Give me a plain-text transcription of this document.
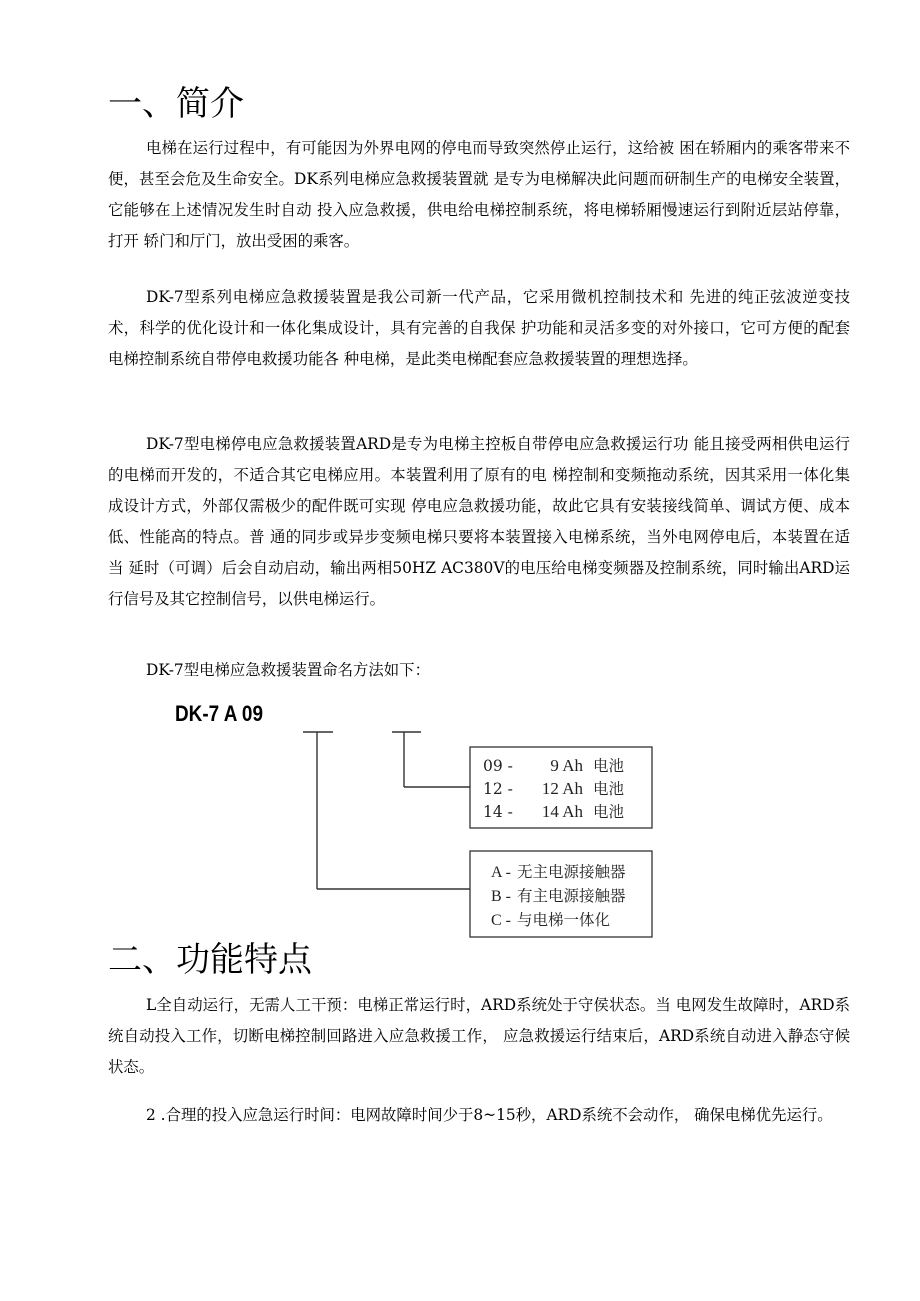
一、简介

电梯在运行过程中，有可能因为外界电网的停电而导致突然停止运行，这给被 困在轿厢内的乘客带来不便，甚至会危及生命安全。DK系列电梯应急救援装置就 是专为电梯解决此问题而研制生产的电梯安全装置，它能够在上述情况发生时自动 投入应急救援，供电给电梯控制系统，将电梯轿厢慢速运行到附近层站停靠，打开 轿门和厅门，放出受困的乘客。

DK-7型系列电梯应急救援装置是我公司新一代产品，它采用微机控制技术和 先进的纯正弦波逆变技术，科学的优化设计和一体化集成设计，具有完善的自我保 护功能和灵活多变的对外接口，它可方便的配套电梯控制系统自带停电救援功能各 种电梯，是此类电梯配套应急救援装置的理想选择。

DK-7型电梯停电应急救援装置ARD是专为电梯主控板自带停电应急救援运行功 能且接受两相供电运行的电梯而开发的，不适合其它电梯应用。本装置利用了原有的电 梯控制和变频拖动系统，因其采用一体化集成设计方式，外部仅需极少的配件既可实现 停电应急救援功能，故此它具有安装接线简单、调试方便、成本低、性能高的特点。普 通的同步或异步变频电梯只要将本装置接入电梯系统，当外电网停电后，本装置在适当 延时（可调）后会自动启动，输出两相50HZ AC380V的电压给电梯变频器及控制系统，同时输出ARD运行信号及其它控制信号，以供电梯运行。

DK-7型电梯应急救援装置命名方法如下：

DK-7 A 09
09 - 9 Ah 电池
12 - 12 Ah 电池
14 - 14 Ah 电池
A - 无主电源接触器
B - 有主电源接触器
C - 与电梯一体化
二、功能特点

L全自动运行，无需人工干预：电梯正常运行时，ARD系统处于守侯状态。当 电网发生故障时，ARD系统自动投入工作，切断电梯控制回路进入应急救援工作， 应急救援运行结束后，ARD系统自动进入静态守候状态。

2 .合理的投入应急运行时间：电网故障时间少于8~15秒，ARD系统不会动作， 确保电梯优先运行。
